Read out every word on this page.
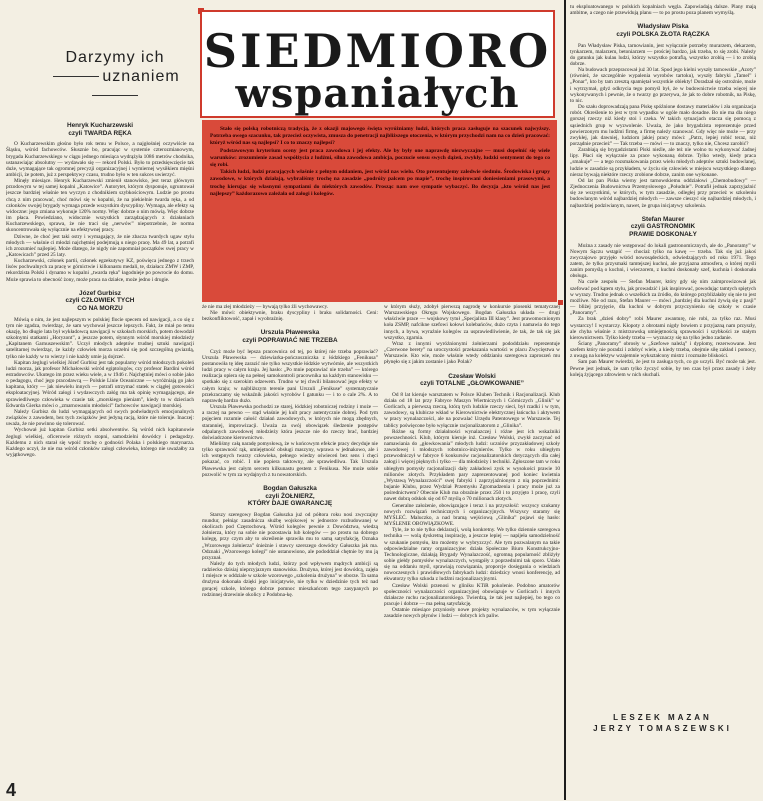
Darzymy ich
uznaniem SIEDMIORO
wspaniałych

Stało się polską robotniczą tradycją, że z okazji majowego święta wyróżniamy ludzi, których praca zasługuje na szacunek najwyższy. Potrzeba owego szacunku, tak przecież oczywista, zmusza do penetracji najbliższego otoczenia, w którym przychodzi nam na co dzień pracować: któryż wśród nas są najlepsi? I co to znaczy najlepsi?

Podstawowym kryterium oceny jest praca zawodowa i jej efekty. Ale by były one naprawdę niezwyczajne — musi dopełnić się wiele warunków: zrozumienie zasad współżycia z ludźmi, silna zawodowa ambicja, poczucie sensu swych dążeń, zwykły, ludzki sentyment do tego co się robi.

Takich ludzi, ludzi pracujących właśnie z pełnym oddaniem, jest wśród nas wielu. Oto prezentujemy zaledwie siedmiu. Środowiska i grupy zawodowe, w których działają, wybraliśmy trochę na zasadzie „podróży palcem po mapie”, trochę inspirowani doniesieniami prasowymi, a trochę kierując się własnymi sympatiami do niektórych zawodów. Prosząc nam owe sympatie wybaczyć. Bo decyzja „kto wśród nas jest najlepszy” każdorazowo zależała od załogi i kolegów.

Henryk Kucharzewski
czyli TWARDA RĘKA

O Kucharzewskim głośno było rok temu w Polsce, a najgłośniej oczywiście na Śląsku, wśród fachowców. Słusznie bo, pracując w systemie czterozmianowym, brygada Kucharzewskiego w ciągu jednego miesiąca wydrążyła 1086 metrów chodnika, ustanawiając absolutny — wydawało się — rekord Polski. Było to przedsięwzięcie tak duże, wymagające tak ogromnej precyzji organizacyjnej i wymiernej wysiłkiem mięśni ambicji, że potem, już z perspektywy czasu, trudno było w ten sukces uwierzyć.

Minęły miesiące. Henryk Kucharzewski zmienił stanowisko, jest teraz głównym przodowym w tej samej kopalni „Katowice”. Autorytet, którym dysponuje, ugruntował jeszcze bardziej właśnie ten wyczyn z chodnikiem szybkościowym. Ludzie po prostu chcą z nim pracować, choć mówi się w kopalni, że na piekielnie twarda ręka, a od członków swojej brygady wymaga przede wszystkim dyscypliny. Wymaga, ale efekty są widoczne: jego zmiana wykonuje 120% normy. Więc dobrze o nim mówią. Więc dobrze im płaca. Powiedziano, widocznie wszystkich zarządzających z działaniach Kucharzewskiego, sprawa, że nie traci się „nerwów” niepotrzebnie, że norma skoncentrowała się wyłącznie na efektywnej pracy.

Dziwne, że choć jest taki ostry i wymagający, że nie zbacza twardych ugaw stylu młodych — właśnie ci młodzi najchętniej podejmują u niego pracę. Ma 49 lat, a potrafi ich zrozumieć najlepiej. Może dlatego, że nigdy nie zapomniał początków swej pracy w „Katowicach” przed 25 laty.

Kucharzewski, członek partii, członek egzekutywy KZ, poświęca jednego z trzech lisów pochwalnych za pracę w górnictwie i kilkunastu medali, te, działacz ZMW i ZMP, rekordzista Polski i dynamo w kopalni „twarda ręka” łagodnieje po powrocie do domu. Może sprawia to obecność żony, może praca na działce, może jedno i drugie.

Józef Gurbisz
czyli CZŁOWIEK TYCH
CO NA MORZU

Mówią o nim, że jest najlepszym w polskiej flocie specem od nawigacji, a co się z tym nie zgadza, twierdząc, że sam wychował jeszcze lepszych. Fakt, że miał po temu okazję, bo długie lata był wykładowcą nawigacji w szkołach morskich, potem dowodził szkolnymi statkami „Horyzont”, a jeszcze potem, słynnym wśród morskiej młodzieży „Kapitanem Garnuszewskim”. Uczył młodych adeptów trudnej sztuki nawigacji satelitarnej twierdząc, że każdy człowiek morza uczelni się pod szczególną gwiazdą, tylko nie każdy w to wierzy i nie każdy umie ją dojrzeć.

Kapitan żeglugi wielkiej Józef Gurbisz jest tak popularny wśród młodszych pokoleń ludzi morza, jak profesor Michałowski wśród egiptologów, czy profesor Bardini wśród estradowców. Ukutego im przez wieku wiele, a w 1946 r. Najchętniej mówi o sobie jako o pedagogu, choć jego pracodawcą — Polskie Linie Oceaniczne — wyróżniają go jako kapitana, który — jak niewielu innych — potrafi utrzymać statek w ciągłej gotowości eksploatacyjnej. Wśród załogi i wydawczych załóg ma tak opinię wymagającego, ale sprawiedliwego człowieka w czasie tak „morskiego pieniam”, kiedy to w dzieciach Edwarda Gierka mówi o „zmarnowaniu młodości” fachowców nawigacji morskiej.

Należy Gurbisz do ludzi wymagających od swych podwładnych emocjonalnych związków z zawodem, bez tych związków jest jedyną racją, które nie toleruje. Inaczej: uważa, że nie powinno się tolerować.

Wychował już kapitan Gurbisz setki absolwentów. Są wśród nich kapitanowie żeglugi wielkiej, oficerowie różnych stopni, samodzielni dowódcy i pedagodzy. Każdemu z nich starał się wpoić trochę o godności Polaka i polskiego marynarza. Każdego uczył, że nie ma wśród członków załogi człowieka, którego nie uważałby za wyjątkowego.

że nie ma złej młodzieży — bywają tylko źli wychowawcy.

Nie mówi: obiektywnie, braku dyscypliny i braku solidarności. Ceni: bezkonfliktowość, zapał i wyobraźnię.

Urszula Pławewska
czyli POPRAWIAĆ NIE TRZEBA

Czyż może być lepsza pracownica od tej, po której nie trzeba poprawiać? Urszula Pławewska — dziewiarka-pończoszniczka z łódzkiego „Fenikusa” postanowiła tę ideę zarazić nie tylko wszystkie łódzkie wytwórnie, ale wszystkich ludzi pracy w całym kraju. Jej hasło: „Po mnie poprawiać nie trzeba” — którego realizacja opiera się na pełnej samokontroli pracownika na każdym stanowisku — spotkało się z szerokim odzewem. Trudno w tej chwili bilansować jego efekty w całym kraju; w najbliższym terenie pani Urszuli „Fenikuse” systematycznie przekraczamy się wskaźnik jakości wyrobów I gatunku — i to o cale 2%. A to naprawdę bardzo dużo.

Urszula Pławewska pochodzi ze starej, łódzkiej robotniczej rodziny i może — a raczej na pewno — stąd właśnie jej kult pracy autentycznie dobrej. Pod tym pojęciem rozumie całość działań zawodowych, w których nie mogą zbędnych, staranniej, improwizacji. Uważa za swój obowiązek śledzenie postępów odpalanych zawodowej młodzieży która jeszcze nie do rzeczy brać, bardziej doświadczone kierownictwo.

Mieliśmy całą naradę pomysłową, że w końcowym efekcie pracy decyduje nie tylko sprawność rąk, umiejętność obsługi maszyny, wprawa w jednakowo, ale i ich wstępnych twarzy człowieka, pełnego wiedzy oświeceń bez sens i chęci pokazać, co robić. I nie popiera taktowny, ale sprawiedliwa. Tak Urszula Pławewska jest całym sercem kilkunastu gestem z Fenikusa. Nie może sobie pozwolić w tym za wydajnych z tu nowatorskich.

Bogdan Gałuszka
czyli ŻOŁNIERZ,
KTÓRY DAJE GWARANCJĘ

Starszy szeregowy Bogdan Gałuszka już od półtora roku nosi zwyczajny mundur, pełniąc zasadnicza służbę wojskowej w jednostce rozbudowanej w okolicach pod Częstochową. Wśród kolegów pewnie z Dowództwa, wiedzą żołnierza, który na sobie nie pozostawia lub kolegów — po prostu na dobrego kolegę, przy czym aby to określenie sprawiła mu to samą satysfakcję, Oznaka „Wzorowego żołnierza” śnieżnie i stawcy szerszego dowódcy Gałuszka jak ma. Odznaki „Wzorowego kolegi” nie ustanowiono, ale pododdział chętnie by mu ją przyznał.

Należy do tych młodych ludzi, którzy pod wpływem mądrych ambicji są radziecko dzisiaj nieprzyjaznym stanowisku. Drużyna, której jest dowódcą, zajęła 1 miejsce w oddziale w szkole wzorowego „szkolenia drużyna” w oborze. Ta sama drużyna dokonała dzięki jego inicjatywie, nie tylko w dziedzinie tych też nad gorącej szkole, którego dobrze pomnoc mieszkańcom tego zasypanych po rodzinnej drzewinie okolicy z Podobna-kę.

w którym służy, zdobył pierwszą nagrodę w konkursie piosenki tematycznej Warszawskiego Okręgu Wojskowego. Bogdan Gałuszka układa — drugi właściwie prace — wojskowy tytuł „Specjalista III klasy”. Jest prawomocnionym koła ZSMP, nafcikne szefowi kołowi kolebańców, dużo czyta i namawia do tego innych, a bywa, wyraźnie kolegów za usprawiedliwienie, że tak, że tak się jak wszystko, zgarnia.

Wraz z innymi wyróżnionymi żołnierzami pododdziału reprezentuje „Czerwone berety” na uroczystości przekazania wartości w placu Zwycięstwa w Warszawie. Kto wie, może właśnie wtedy oddzianiu szeregowa zaproszeń mu płynęło się z jakim zostanie i jako Polak?

Czesław Wolski
czyli TOTALNE „GŁOWKOWANIE”

Od 8 lat kieruje warsztatem w Polsce Kluben Technik i Racjonalizacji. Klub działa od 18 lat przy Fabryce Maszyn Wiertniczych i Górniczych „Glinik” w Gorlicach, a pierwszą rzeczą, którą tych ludzkie rzeczy sieci, był rzadki i w tym, zawodowy, są klubicze wkład w Kierownictwie elektrycznej łańcucha i aktywem w pracy wynalazczości, ale na pozwalać Urzędu Patentowego w Warszawie. Tej tablicy poświęcone było wyłącznie racjonalizatorom z „Glinika”.

Różne są formy działalności wynalazczej i różne jest ich wskaźniki powszechności. Klub, którym kieruje inż. Czesław Wolski, zwykł zaczynać od namawiania do „głowkowania” młodych ludzi: uczniów przyzakładowej szkoły zawodowej i młodszych robotnico-inżynierów. Tylko w roku ubiegłym przewodniczył w fabryce 6 konkursów racjonalizatorskich dotyczących dla całej załogi i więcej pięknych i tylko — dla młodzieży i techniki. Zgłoszone tam w roku ubiegłym pomysły racjonalizacji dały zakładowi zysk w wysokości prawie 10 milionów złotych. Przykładem pary zaprezentowanej pod koniec kwietnia „Wystawą Wynalazczości” swej fabryki i zaprzyjaźnionym z nią poprzednimi: bujanie Klubu, przez Wydział Przemysłu Zgromadzenia i pracy może już za pośrednictwem? Obecnie Klub ma obraźnie przez 250 i to przyjęto 1 pracę, czyli nawet dobrą odskok się od 67 myślą o 70 milionach złotych.

Generalne założenie, obowiązujące i teraz i na przyszłość: wszyscy szukamy nowych rozwiązań technicznych i organizacyjnych. Wszyscy staramy się MYŚLEĆ. Maluczko, a nad bramą wejściową „Glinika” pojawi się hasło: MYŚLENIE OBOWIĄZKOWE.

Tyle, że to nie tylko deklaracji, wolą konkretny. We tylko dziennie szeregowa technika — wolą dyskretną inspirację, a jeszcze lepiej — napijeła samodzielność w szukanie pomysłu, kto możemy w wybryzczyć. Ale tym pozwalanym na takie odpowiedzialne ramy organizacyjne: działa Społeczne Biuro Konstrukcyjno-Technologiczne, działają Brygady Wynalazczość, ogromną popularność zbliżyły sobie giełdy pomysłów wynalazczych, wystąpiły z poprzednimi tak sporo. Udało się na oddaniu myśl, sprawiają rozwiązania, proporcje dosięgania o wiedziach nowoczesnych i prawidłowych fabrykach ludzi: dziedzicy wnosi konferencję, ad ekwatorzy tylko szkoda z ludźmi racjonalizacyjnymi.

Czesław Wolski przenosi w gliniku KTiR pokolenie. Podobno amatorów społeczności wynalazczości organizacyjnej obowiązuje w Gorlicach i innych działacze ruchu racjonalizatorskiego. Twierdzą, że tak jest najlepiej, bo tego co pracuje i dobrze — ma pełną satysfakcję.

Ostatnie miesiące przyniosły nowe projekty wynalazców, w tym wyłącznie zasadzie nowych płynów i ludzi — dobrych ich paliw.

tu eksploatowanego w polskich kopalniach węgla. Zapowiadają dalsze. Plany mają ambitne, a czego nie przewidują planu — to po prostu poza planem wymyślą.

Władysław Piska
czyli POLSKA ZŁOTA RĄCZKA

Pan Władysław Piska, tarnowianin, jest wyłącznie potrzeby murarzem, dekarzem, tynkarzem, malarzem, betoniarzem — prościej bardzo, jak trzeba, to się zrobi. Należy do gatunku jak kulau ludzi, którzy wszystko potrafią, wszystko zrobią — i to zrobią dobrze.

Na budowach przepracował już 30 lat. Spod jego kielni wyszły tarnowskie „Azoty” (również, że szczególnie wypalenia wyrobów tartoku), wyszły fabryki „Tamel” i „Ponar”, kto by tam zresztą spamiętał wszystkie obiekty! Doradzał się ostrożnie, może i wytrzymał, gdyż odkrycia tego pomyśl był, że w budownictwie trzeba więcej nie wykonywanych i pewnie, że o twarzy go przerywa, że jak to dobre robotnik, na Piskę, to nic.

Do szału doprowadzają pana Piskę spóźnione dostawy materiałów i zła organizacja robót. Określenie to jest w tym wypadku w ogóle mało dosadne. Bo nie ma dla niego gorszej rzeczy niż kiedy stoi i czeka. W takich sytuacjach otacza się pomocą z sąsiednich grup w wyzwolenie. Uważa, że jako brygadzista reprezentuje przed powierzonym mu ludźmi firmę, a firmę należy szanować. Gdy więc nie może — przy zwykłej, jak dawniej, ludziom jakiej pracy mówi: „Patrz, lepiej robić teraz, niż porządnie przecież” — Tak trzeba — mówi — to znaczy, tylko nie, Chcesz zarobić?

Zarabiają się brygadzistami Piski nieźle, ale też nie wolno tu wykonywać żadnej lipy. Płaci się wyłącznie za prace wykonaną dobrze. Tylko wtedy, kiedy praca „smakuje” — a tego rozsmakowania przez wielu młodych adeptów sztuki budowlanej, ludzie w zasadzie są przykładem, w życiu się człowiek w miejscu wszystkiego dlatego nieraz bywają niektóre rzeczy zrobione dobrze, zanim one wykonane.

Od lat pan Piska wierny jest tarnowskiemu oddziałowi „Chemobudowy” — Zjednoczenia Budownictwa Przemysłowego „Południe”. Potrafił jednak zaprzyjaźnić się ze wszystkimi, w których, w tym zasadzie, odległej przy przecież w szkoleniu budowlanym wśród najbardziej młodych — zawsze cieszyć się najbardziej młodych, i najbardziej podziwianym, nawet, że grupa inicjatywy szkolenia.

Stefan Maurer
czyli GASTRONOMIK
PRAWIE DOSKONAŁY

Można z zasady nie wstępować do lokali gastronomicznych, ale do „Panoramy” w Nowym Sączu wstąpić — chociaż tylko na kawę — trzeba. Tak się już jakoś zwyczajowo przyjęło wśród nowosądeckich, odwiedzających od roku 1971. Tego zatem, że tylko przysmaki tamtejszej kuchni, ale przyjazna atmosfera, o której myśli zanim pomyślą o kuchni, i wieczorem, z kuchni doskonały szef, kuchnia i doskonała obsługa.

Na czele zespołu — Stefan Maurer, który gdy się nim zaimprowizował jak szefować pod kątem stylu, jak prowadzić i jak inspirować, powodując tamtych spiętych w wyrazy. Trudno jednak o wszelkich za źródło, do którego przybliżałaby się nie to jest możliwe. Nie od razu, Stefan Maurer — mówi „bardziej dla kuchni żywią się z pasji” — bliżej przyjęcie, dla kuchni w dobrym przyczynieniu się szkoły w czasie „Panoramy”.

Za brak „dzień dobry” robi Maurer awanturę, nie robi, za tylko raz. Musi wystarczy! I wystarczy. Kłopoty z obrotami nigdy bowiem z przyjazną nam przyszły, ale chyba właśnie z mistrzowską umiejętnością sprawności i szybkości ze stałym kierownictwem. Tylko kiedy trzeba — wyznaczy się na tylko jedno zadanie.

Ściany „Panoramy” obrosły w „Szefowe należą” i dyplomy, rezerwowane. Jest szefem który nie poradzi i zdobyć wiele, a kiedy trzeba, obejmie siłę zakład i pomocy, z uwagą na kolektyw wzajemnie wykształcony mistrz i rozmaite bliskości.

Sam pan Maurer twierdzi, że jest to zasługa tych, co go uczyli. Być może tak jest. Pewne jest jednak, że sam tylko życzyć sobie, by ten czas był przez zasady i żeby koleją żyjącego zdrowiem w nich słuchali.

LESZEK MAZAN
JERZY TOMASZEWSKI
4
